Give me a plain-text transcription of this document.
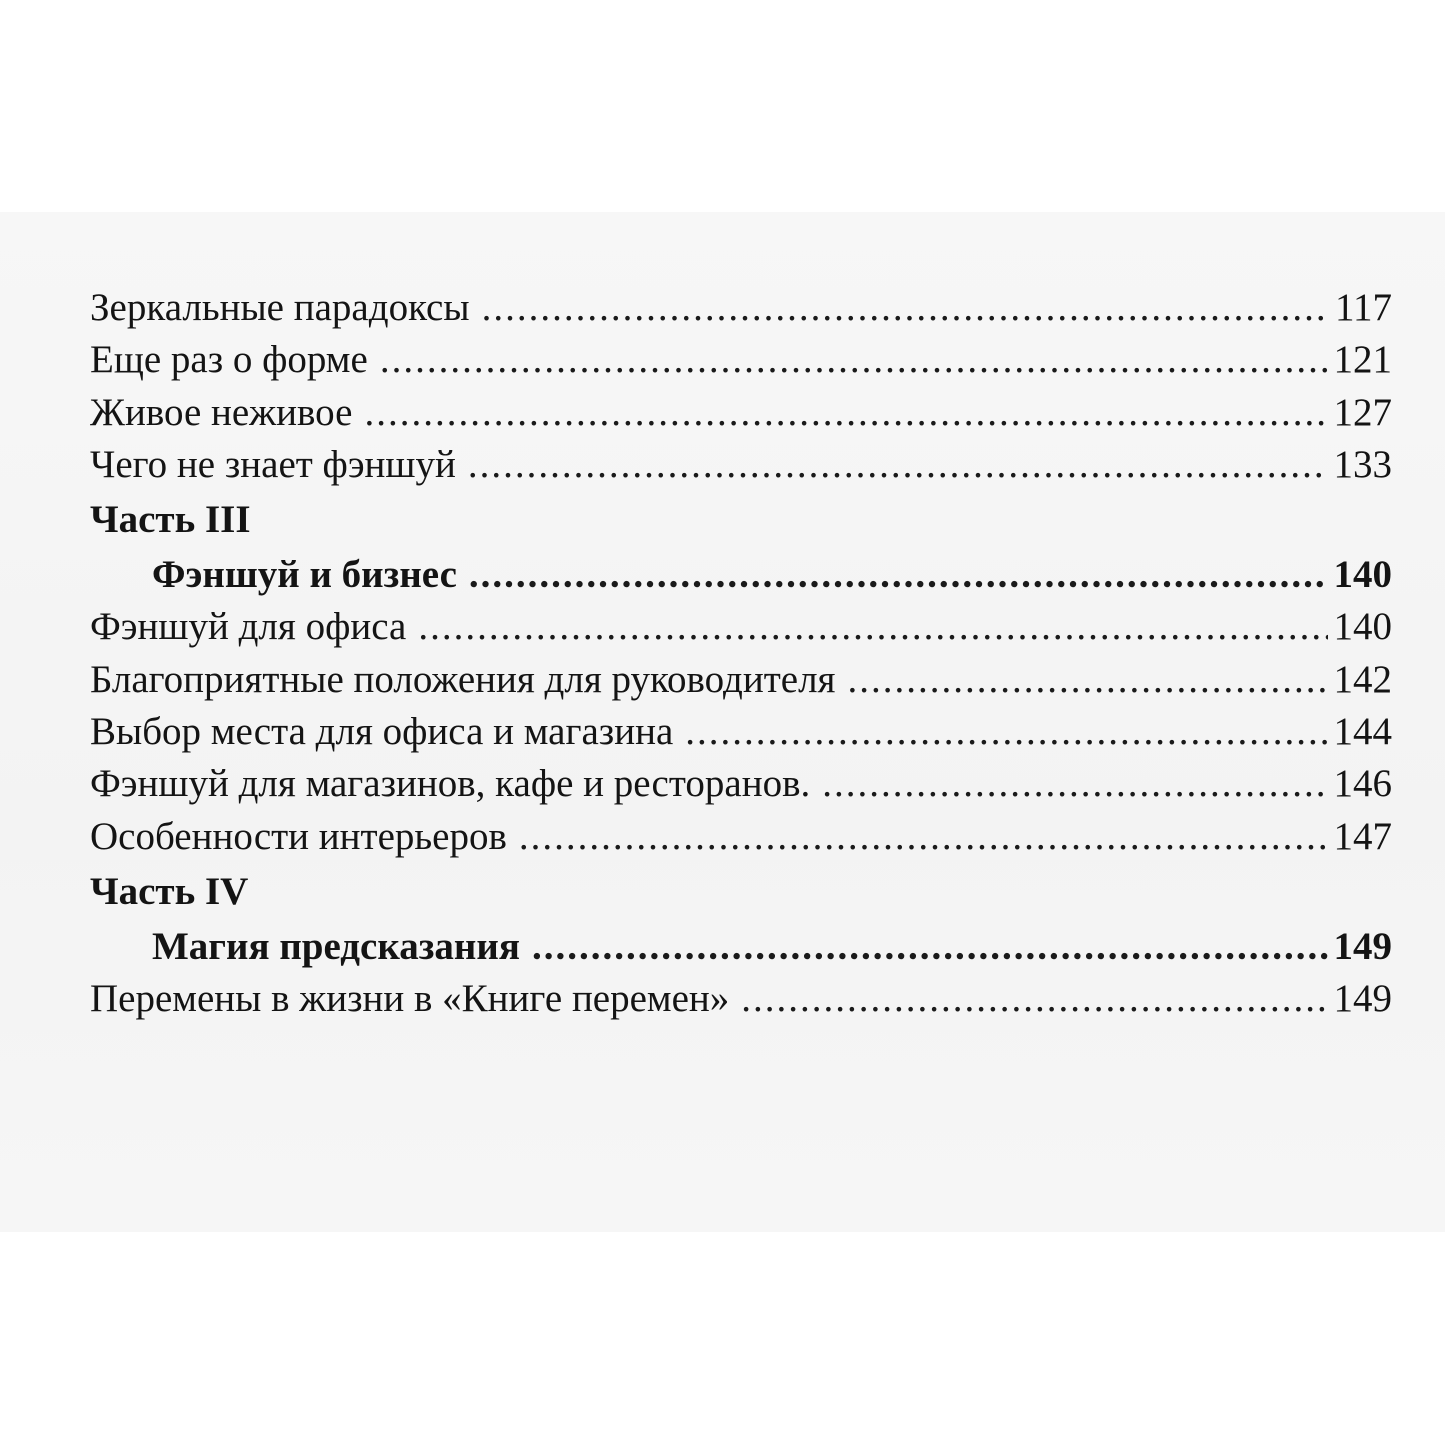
Зеркальные парадоксы .....	117
Еще раз о форме .....	121
Живое неживое .....	127
Чего не знает фэншуй .....	133
Часть III
Фэншуй и бизнес .....	140
Фэншуй для офиса .....	140
Благоприятные положения для руководителя .....	142
Выбор места для офиса и магазина .....	144
Фэншуй для магазинов, кафе и ресторанов. .....	146
Особенности интерьеров .....	147
Часть IV
Магия предсказания .....	149
Перемены в жизни в «Книге перемен» .....	149
